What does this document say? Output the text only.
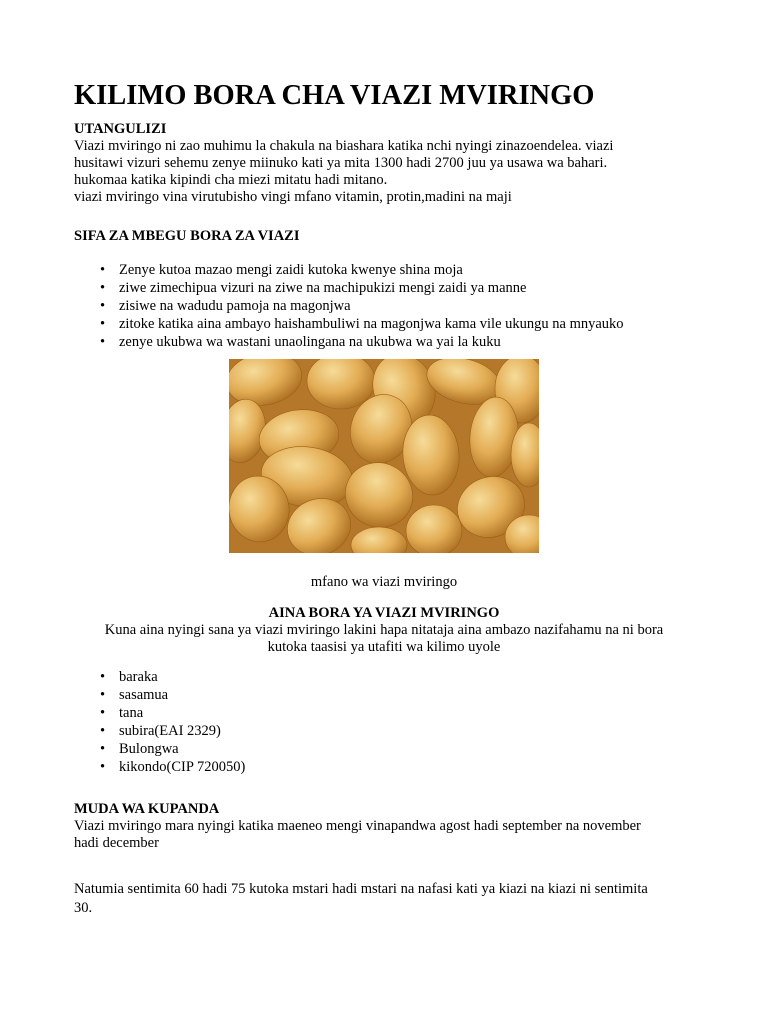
KILIMO BORA CHA VIAZI MVIRINGO

UTANGULIZI

Viazi mviringo ni zao muhimu la chakula na biashara katika nchi nyingi zinazoendelea. viazi

husitawi vizuri sehemu zenye miinuko kati ya mita 1300 hadi 2700 juu ya usawa wa bahari.

hukomaa katika kipindi cha miezi mitatu hadi mitano.

viazi mviringo vina virutubisho vingi mfano vitamin, protin,madini na maji

SIFA ZA MBEGU BORA ZA VIAZI

• Zenye kutoa mazao mengi zaidi kutoka kwenye shina moja
• ziwe zimechipua vizuri na ziwe na machipukizi mengi zaidi ya manne
• zisiwe na wadudu pamoja na magonjwa
• zitoke katika aina ambayo haishambuliwi na magonjwa kama vile ukungu na mnyauko
• zenye ukubwa wa wastani unaolingana na ukubwa wa yai la kuku

mfano wa viazi mviringo

AINA BORA YA VIAZI MVIRINGO

Kuna aina nyingi sana ya viazi mviringo lakini hapa nitataja aina ambazo nazifahamu na ni bora

kutoka taasisi ya utafiti wa kilimo uyole

• baraka
• sasamua
• tana
• subira(EAI 2329)
• Bulongwa
• kikondo(CIP 720050)

MUDA WA KUPANDA

Viazi mviringo mara nyingi katika maeneo mengi vinapandwa agost hadi september na november

hadi december

Natumia sentimita 60 hadi 75 kutoka mstari hadi mstari na nafasi kati ya kiazi na kiazi ni sentimita

30.
